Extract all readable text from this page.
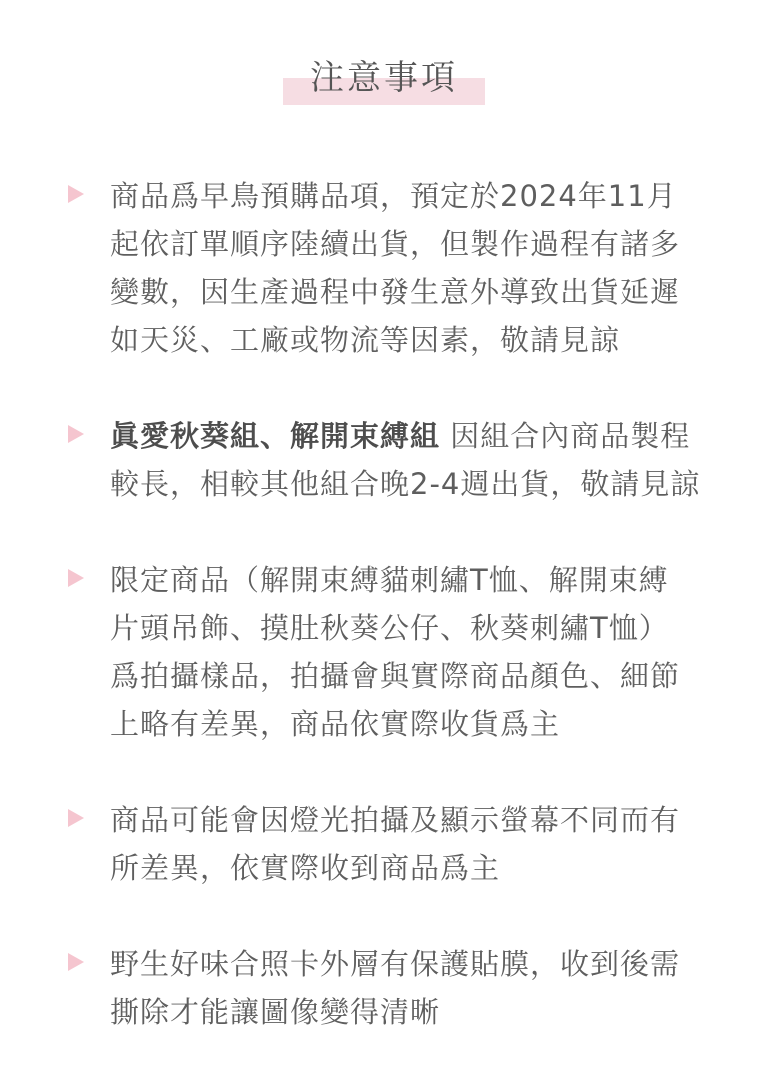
注意事項
商品爲早鳥預購品項，預定於2024年11月
起依訂單順序陸續出貨，但製作過程有諸多
變數，因生產過程中發生意外導致出貨延遲
如天災、工廠或物流等因素，敬請見諒
眞愛秋葵組、解開束縛組 因組合內商品製程
較長，相較其他組合晚2-4週出貨，敬請見諒
限定商品（解開束縛貓刺繡T恤、解開束縛
片頭吊飾、摸肚秋葵公仔、秋葵刺繡T恤）
爲拍攝樣品，拍攝會與實際商品顏色、細節
上略有差異，商品依實際收貨爲主
商品可能會因燈光拍攝及顯示螢幕不同而有
所差異，依實際收到商品爲主
野生好味合照卡外層有保護貼膜，收到後需
撕除才能讓圖像變得清晰
